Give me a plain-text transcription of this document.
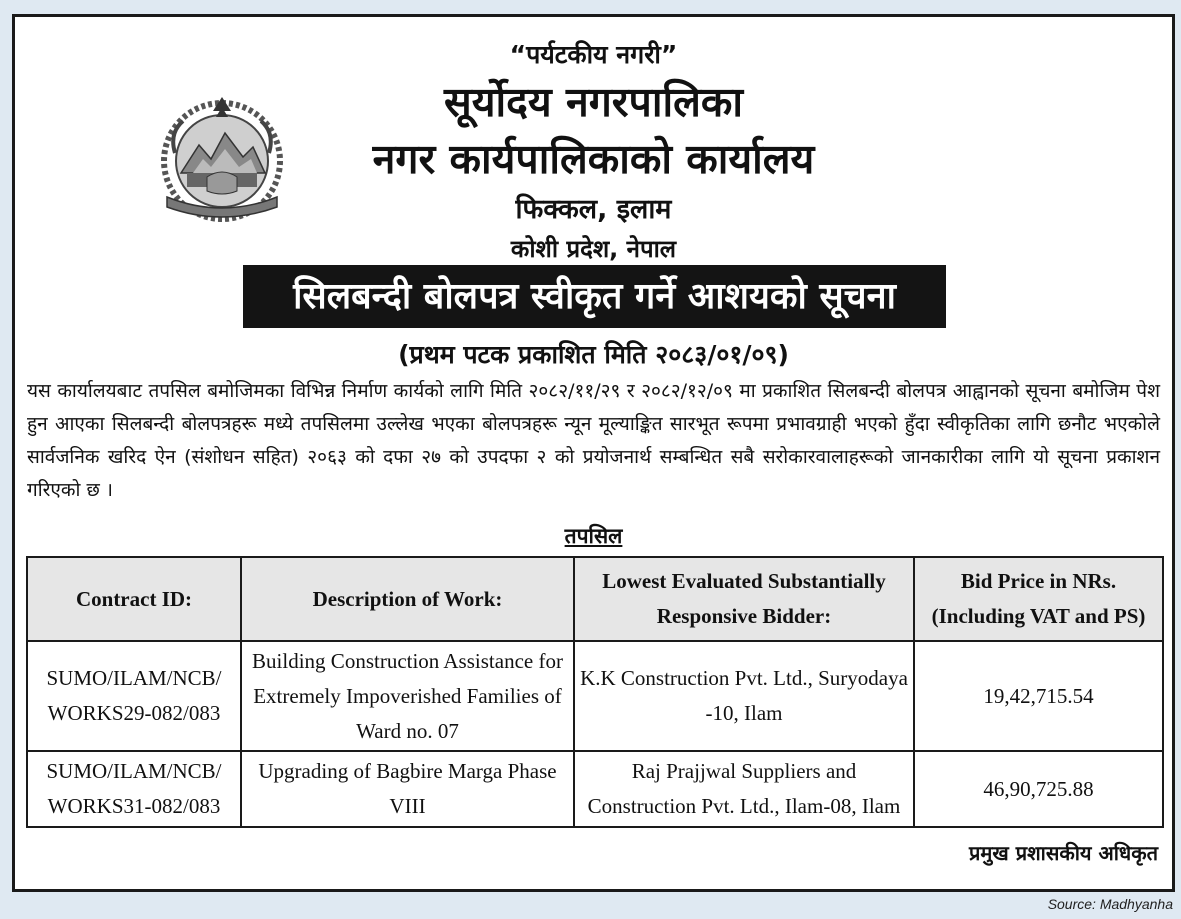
“पर्यटकीय नगरी”
सूर्योदय नगरपालिका
नगर कार्यपालिकाको कार्यालय
फिक्कल, इलाम
कोशी प्रदेश, नेपाल
सिलबन्दी बोलपत्र स्वीकृत गर्ने आशयको सूचना
(प्रथम पटक प्रकाशित मिति २०८३/०१/०९)
यस कार्यालयबाट तपसिल बमोजिमका विभिन्न निर्माण कार्यको लागि मिति २०८२/११/२९ र २०८२/१२/०९ मा प्रकाशित सिलबन्दी बोलपत्र आह्वानको सूचना बमोजिम पेश हुन आएका सिलबन्दी बोलपत्रहरू मध्ये तपसिलमा उल्लेख भएका बोलपत्रहरू न्यून मूल्याङ्कित सारभूत रूपमा प्रभावग्राही भएको हुँदा स्वीकृतिका लागि छनौट भएकोले सार्वजनिक खरिद ऐन (संशोधन सहित) २०६३ को दफा २७ को उपदफा २ को प्रयोजनार्थ सम्बन्धित सबै सरोकारवालाहरूको जानकारीका लागि यो सूचना प्रकाशन गरिएको छ ।
तपसिल
Contract ID:	Description of Work:	Lowest Evaluated Substantially Responsive Bidder:	Bid Price in NRs. (Including VAT and PS)
SUMO/ILAM/NCB/ WORKS29-082/083	Building Construction Assistance for Extremely Impoverished Families of Ward no. 07	K.K Construction Pvt. Ltd., Suryodaya -10, Ilam	19,42,715.54
SUMO/ILAM/NCB/ WORKS31-082/083	Upgrading of Bagbire Marga Phase VIII	Raj Prajjwal Suppliers and Construction Pvt. Ltd., Ilam-08, Ilam	46,90,725.88
प्रमुख प्रशासकीय अधिकृत
Source: Madhyanha
